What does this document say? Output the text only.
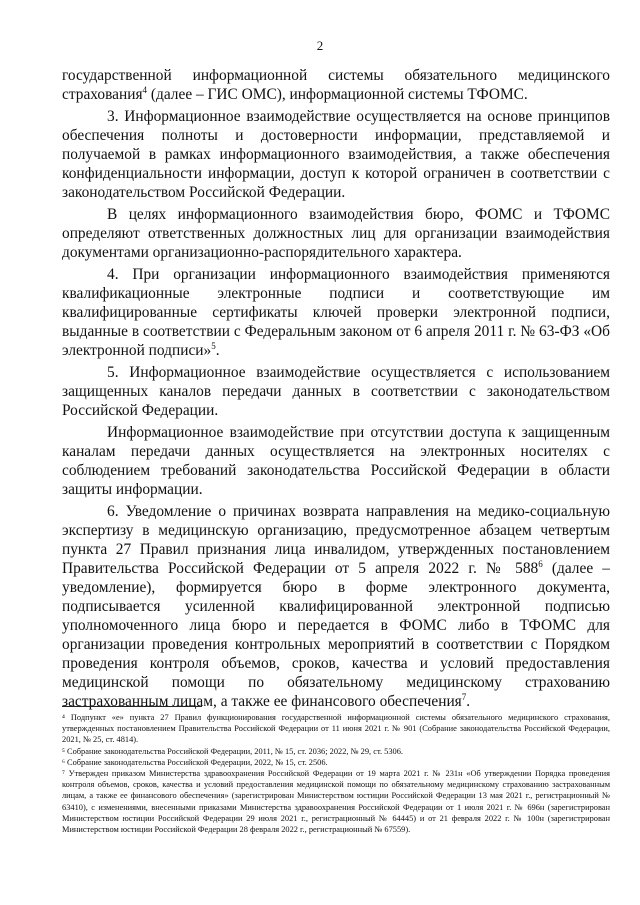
2

государственной информационной системы обязательного медицинского страхования$^4$ (далее – ГИС ОМС), информационной системы ТФОМС.

3. Информационное взаимодействие осуществляется на основе принципов обеспечения полноты и достоверности информации, представляемой и получаемой в рамках информационного взаимодействия, а также обеспечения конфиденциальности информации, доступ к которой ограничен в соответствии с законодательством Российской Федерации.

В целях информационного взаимодействия бюро, ФОМС и ТФОМС определяют ответственных должностных лиц для организации взаимодействия документами организационно-распорядительного характера.

4. При организации информационного взаимодействия применяются квалификационные электронные подписи и соответствующие им квалифицированные сертификаты ключей проверки электронной подписи, выданные в соответствии с Федеральным законом от 6 апреля 2011 г. № 63-ФЗ «Об электронной подписи»$^5$.

5. Информационное взаимодействие осуществляется с использованием защищенных каналов передачи данных в соответствии с законодательством Российской Федерации.

Информационное взаимодействие при отсутствии доступа к защищенным каналам передачи данных осуществляется на электронных носителях с соблюдением требований законодательства Российской Федерации в области защиты информации.

6. Уведомление о причинах возврата направления на медико-социальную экспертизу в медицинскую организацию, предусмотренное абзацем четвертым пункта 27 Правил признания лица инвалидом, утвержденных постановлением Правительства Российской Федерации от 5 апреля 2022 г. № $588^6$ (далее – уведомление), формируется бюро в форме электронного документа, подписывается усиленной квалифицированной электронной подписью уполномоченного лица бюро и передается в ФОМС либо в ТФОМС для организации проведения контрольных мероприятий в соответствии с Порядком проведения контроля объемов, сроков, качества и условий предоставления медицинской помощи по обязательному медицинскому страхованию застрахованным лицам, а также ее финансового обеспечения$^7$.

⁴ Подпункт «е» пункта 27 Правил функционирования государственной информационной системы обязательного медицинского страхования, утвержденных постановлением Правительства Российской Федерации от 11 июня 2021 г. № 901 (Собрание законодательства Российской Федерации, 2021, № 25, ст. 4814).

⁵ Собрание законодательства Российской Федерации, 2011, № 15, ст. 2036; 2022, № 29, ст. 5306.

⁶ Собрание законодательства Российской Федерации, 2022, № 15, ст. 2506.

⁷ Утвержден приказом Министерства здравоохранения Российской Федерации от 19 марта 2021 г. № 231н «Об утверждении Порядка проведения контроля объемов, сроков, качества и условий предоставления медицинской помощи по обязательному медицинскому страхованию застрахованным лицам, а также ее финансового обеспечения» (зарегистрирован Министерством юстиции Российской Федерации 13 мая 2021 г., регистрационный № 63410), с изменениями, внесенными приказами Министерства здравоохранения Российской Федерации от 1 июля 2021 г. № 696н (зарегистрирован Министерством юстиции Российской Федерации 29 июля 2021 г., регистрационный № 64445) и от 21 февраля 2022 г. № 100н (зарегистрирован Министерством юстиции Российской Федерации 28 февраля 2022 г., регистрационный № 67559).
